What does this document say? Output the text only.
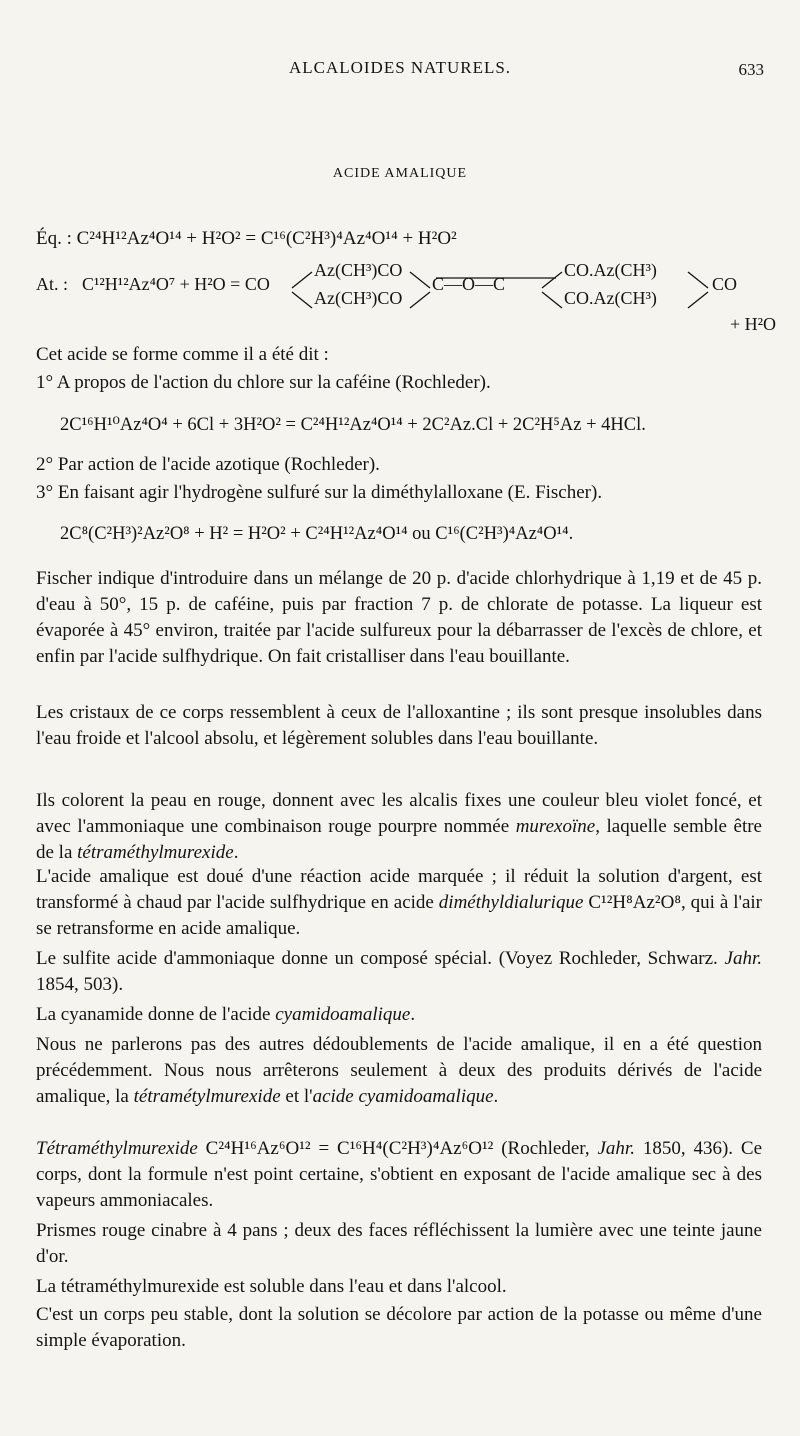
ALCALOIDES NATURELS.	633
ACIDE AMALIQUE
Éq. : C²⁴H¹²Az⁴O¹⁴ + H²O² = C¹⁶(C²H³)⁴Az⁴O¹⁴ + H²O²
At. : C¹²H¹²Az⁴O⁷ + H²O = CO
Az(CH³)CO
Az(CH³)CO
C—O—C
CO.Az(CH³)
CO.Az(CH³)
CO
+ H²O
Cet acide se forme comme il a été dit :
1° A propos de l'action du chlore sur la caféine (Rochleder).
2C¹⁶H¹⁰Az⁴O⁴ + 6Cl + 3H²O² = C²⁴H¹²Az⁴O¹⁴ + 2C²Az.Cl + 2C²H⁵Az + 4HCl.
2° Par action de l'acide azotique (Rochleder).
3° En faisant agir l'hydrogène sulfuré sur la diméthylalloxane (E. Fischer).
2C⁸(C²H³)²Az²O⁸ + H² = H²O² + C²⁴H¹²Az⁴O¹⁴ ou C¹⁶(C²H³)⁴Az⁴O¹⁴.
Fischer indique d'introduire dans un mélange de 20 p. d'acide chlorhydrique à 1,19 et de 45 p. d'eau à 50°, 15 p. de caféine, puis par fraction 7 p. de chlorate de potasse. La liqueur est évaporée à 45° environ, traitée par l'acide sulfureux pour la débarrasser de l'excès de chlore, et enfin par l'acide sulfhydrique. On fait cristalliser dans l'eau bouillante.
Les cristaux de ce corps ressemblent à ceux de l'alloxantine ; ils sont presque insolubles dans l'eau froide et l'alcool absolu, et légèrement solubles dans l'eau bouillante.
Ils colorent la peau en rouge, donnent avec les alcalis fixes une couleur bleu violet foncé, et avec l'ammoniaque une combinaison rouge pourpre nommée murexoïne, laquelle semble être de la tétraméthylmurexide.
L'acide amalique est doué d'une réaction acide marquée ; il réduit la solution d'argent, est transformé à chaud par l'acide sulfhydrique en acide diméthyldialurique C¹²H⁸Az²O⁸, qui à l'air se retransforme en acide amalique.
Le sulfite acide d'ammoniaque donne un composé spécial. (Voyez Rochleder, Schwarz. Jahr. 1854, 503).
La cyanamide donne de l'acide cyamidoamalique.
Nous ne parlerons pas des autres dédoublements de l'acide amalique, il en a été question précédemment. Nous nous arrêterons seulement à deux des produits dérivés de l'acide amalique, la tétramétylmurexide et l'acide cyamidoamalique.
Tétraméthylmurexide C²⁴H¹⁶Az⁶O¹² = C¹⁶H⁴(C²H³)⁴Az⁶O¹² (Rochleder, Jahr. 1850, 436). Ce corps, dont la formule n'est point certaine, s'obtient en exposant de l'acide amalique sec à des vapeurs ammoniacales.
Prismes rouge cinabre à 4 pans ; deux des faces réfléchissent la lumière avec une teinte jaune d'or.
La tétraméthylmurexide est soluble dans l'eau et dans l'alcool.
C'est un corps peu stable, dont la solution se décolore par action de la potasse ou même d'une simple évaporation.
